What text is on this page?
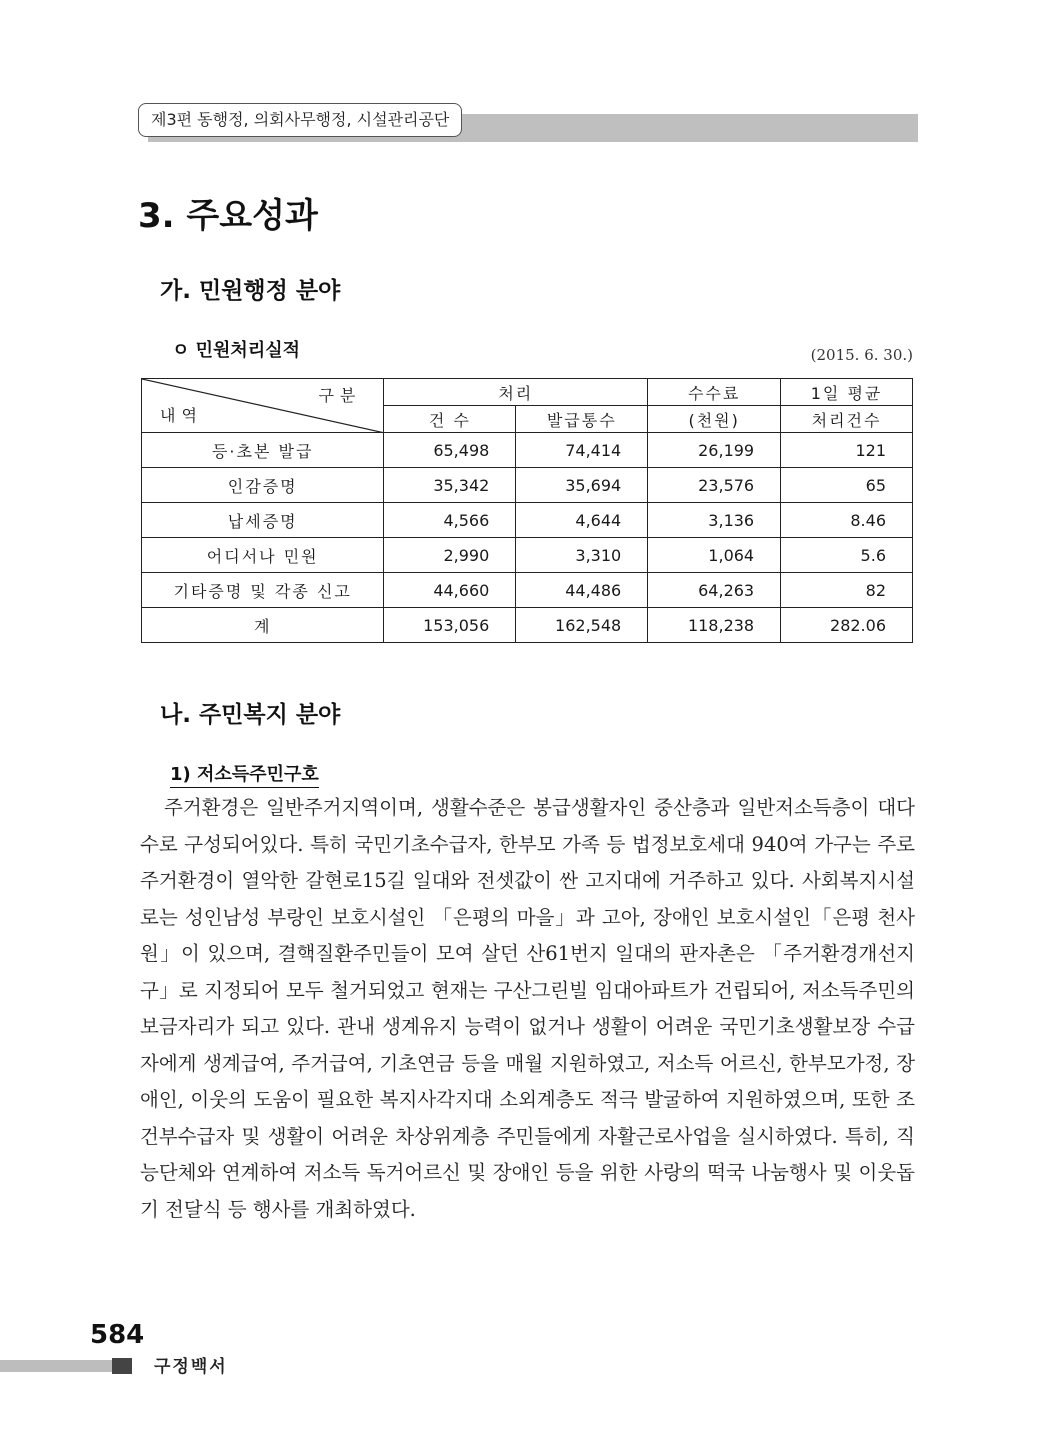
제3편 동행정, 의회사무행정, 시설관리공단
3. 주요성과
가. 민원행정 분야
ㅇ 민원처리실적	(2015. 6. 30.)
구분
내역	처리		수수료	1일 평균
	건 수	발급통수	(천원)	처리건수
등·초본 발급	65,498	74,414	26,199	121
인감증명	35,342	35,694	23,576	65
납세증명	4,566	4,644	3,136	8.46
어디서나 민원	2,990	3,310	1,064	5.6
기타증명 및 각종 신고	44,660	44,486	64,263	82
계	153,056	162,548	118,238	282.06
나. 주민복지 분야
1) 저소득주민구호
주거환경은 일반주거지역이며, 생활수준은 봉급생활자인 중산층과 일반저소득층이 대다수로 구성되어있다. 특히 국민기초수급자, 한부모 가족 등 법정보호세대 940여 가구는 주로 주거환경이 열악한 갈현로15길 일대와 전셋값이 싼 고지대에 거주하고 있다. 사회복지시설로는 성인남성 부랑인 보호시설인 「은평의 마을」과 고아, 장애인 보호시설인「은평 천사원」이 있으며, 결핵질환주민들이 모여 살던 산61번지 일대의 판자촌은 「주거환경개선지구」로 지정되어 모두 철거되었고 현재는 구산그린빌 임대아파트가 건립되어, 저소득주민의 보금자리가 되고 있다. 관내 생계유지 능력이 없거나 생활이 어려운 국민기초생활보장 수급자에게 생계급여, 주거급여, 기초연금 등을 매월 지원하였고, 저소득 어르신, 한부모가정, 장애인, 이웃의 도움이 필요한 복지사각지대 소외계층도 적극 발굴하여 지원하였으며, 또한 조건부수급자 및 생활이 어려운 차상위계층 주민들에게 자활근로사업을 실시하였다. 특히, 직능단체와 연계하여 저소득 독거어르신 및 장애인 등을 위한 사랑의 떡국 나눔행사 및 이웃돕기 전달식 등 행사를 개최하였다.
584
구정백서
